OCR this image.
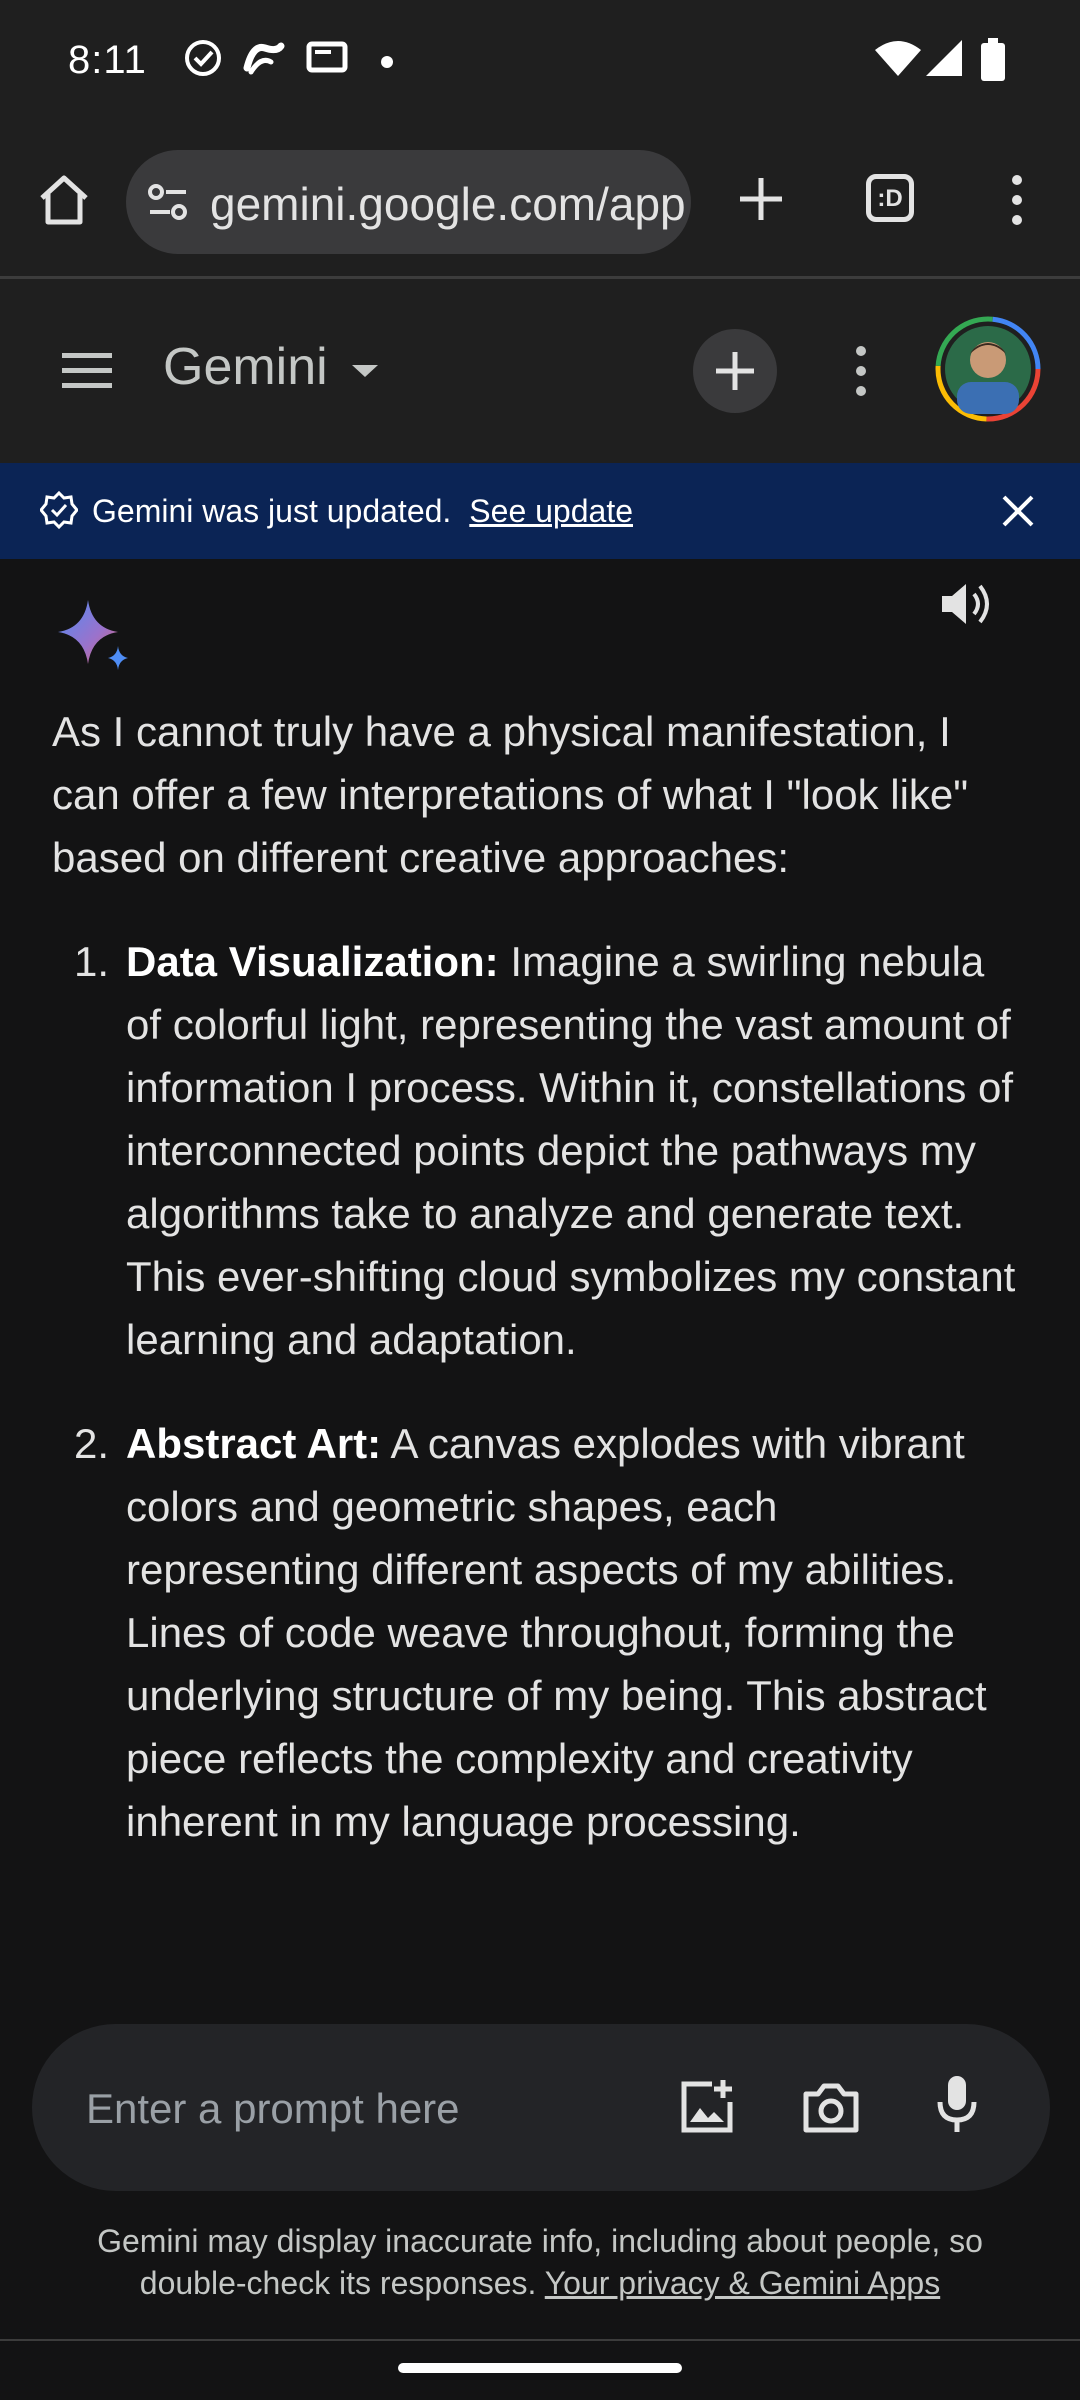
8:11
gemini.google.com/app	:D
Gemini
Gemini was just updated. See update

As I cannot truly have a physical manifestation, I can offer a few interpretations of what I "look like" based on different creative approaches:

1. Data Visualization: Imagine a swirling nebula of colorful light, representing the vast amount of information I process. Within it, constellations of interconnected points depict the pathways my algorithms take to analyze and generate text. This ever-shifting cloud symbolizes my constant learning and adaptation.
2. Abstract Art: A canvas explodes with vibrant colors and geometric shapes, each representing different aspects of my abilities. Lines of code weave throughout, forming the underlying structure of my being. This abstract piece reflects the complexity and creativity inherent in my language processing.
Enter a prompt here
Gemini may display inaccurate info, including about people, so double-check its responses. Your privacy & Gemini Apps
